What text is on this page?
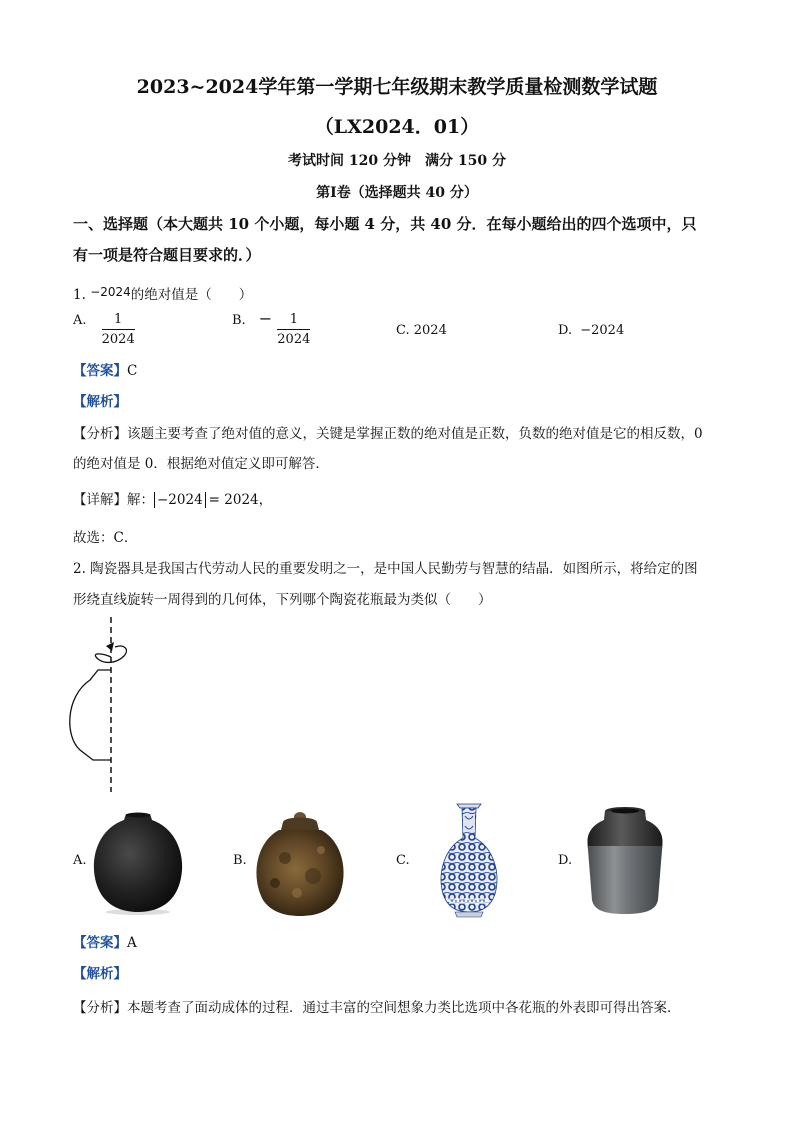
2023~2024学年第一学期七年级期末教学质量检测数学试题
（LX2024．01）
考试时间 120 分钟　满分 150 分
第Ⅰ卷（选择题共 40 分）
一、选择题（本大题共 10 个小题，每小题 4 分，共 40 分．在每小题给出的四个选项中，只
有一项是符合题目要求的．）
1. −2024的绝对值是（　　）
$^{A.} \frac{1}{2024}$	$^{B.} - \frac{1}{2024}$	C. 2024	D. −2024
【答案】C
【解析】
【分析】该题主要考查了绝对值的意义，关键是掌握正数的绝对值是正数，负数的绝对值是它的相反数，0
的绝对值是 0．根据绝对值定义即可解答．
【详解】解： −2024 = 2024，
故选：C．
2. 陶瓷器具是我国古代劳动人民的重要发明之一，是中国人民勤劳与智慧的结晶．如图所示，将给定的图
形绕直线旋转一周得到的几何体，下列哪个陶瓷花瓶最为类似（　　）
A.	B.	C.	D.
【答案】A
【解析】
【分析】本题考查了面动成体的过程．通过丰富的空间想象力类比选项中各花瓶的外表即可得出答案．
